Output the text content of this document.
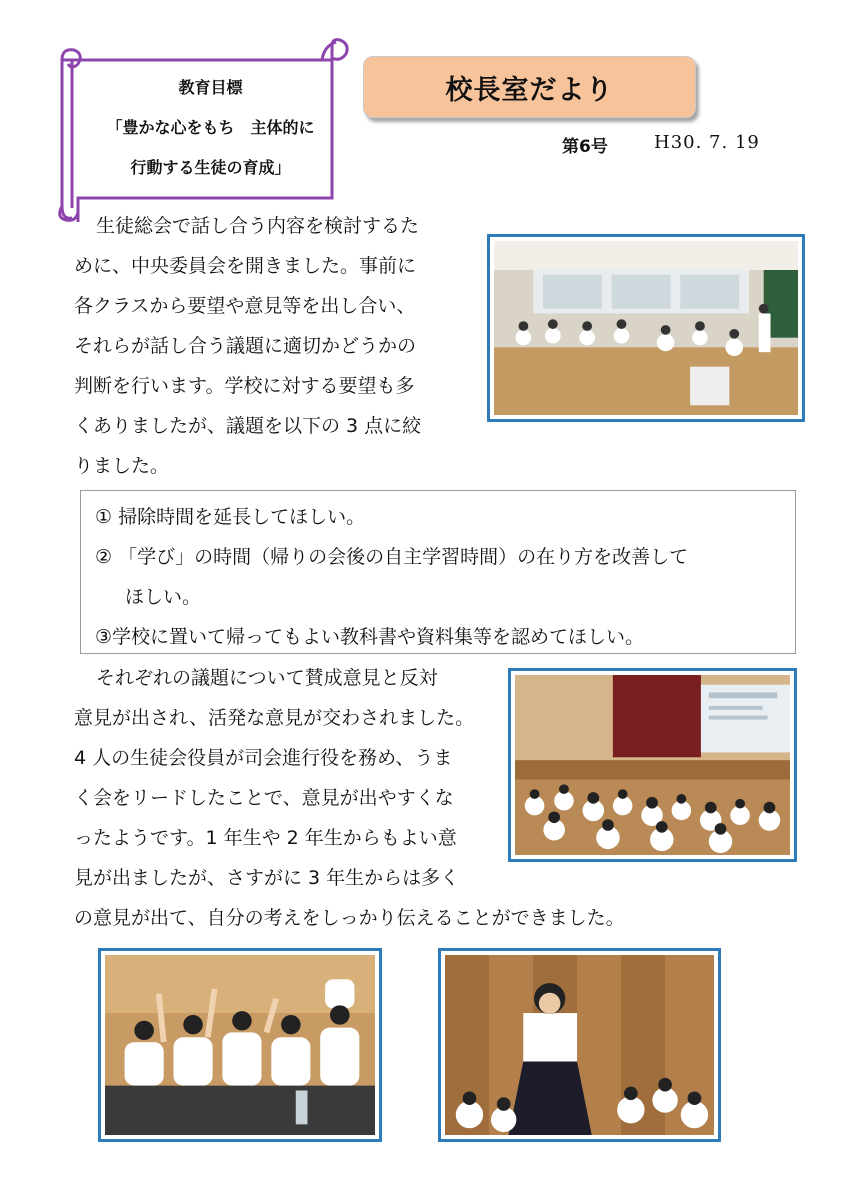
教育目標
「豊かな心をもち　主体的に
行動する生徒の育成」
校長室だより
第6号	H30. 7. 19
生徒総会で話し合う内容を検討するた
めに、中央委員会を開きました。事前に
各クラスから要望や意見等を出し合い、
それらが話し合う議題に適切かどうかの
判断を行います。学校に対する要望も多
くありましたが、議題を以下の 3 点に絞
りました。
① 掃除時間を延長してほしい。
② 「学び」の時間（帰りの会後の自主学習時間）の在り方を改善して
ほしい。
③学校に置いて帰ってもよい教科書や資料集等を認めてほしい。
それぞれの議題について賛成意見と反対
意見が出され、活発な意見が交わされました。
4 人の生徒会役員が司会進行役を務め、うま
く会をリードしたことで、意見が出やすくな
ったようです。1 年生や 2 年生からもよい意
見が出ましたが、さすがに 3 年生からは多く
の意見が出て、自分の考えをしっかり伝えることができました。
